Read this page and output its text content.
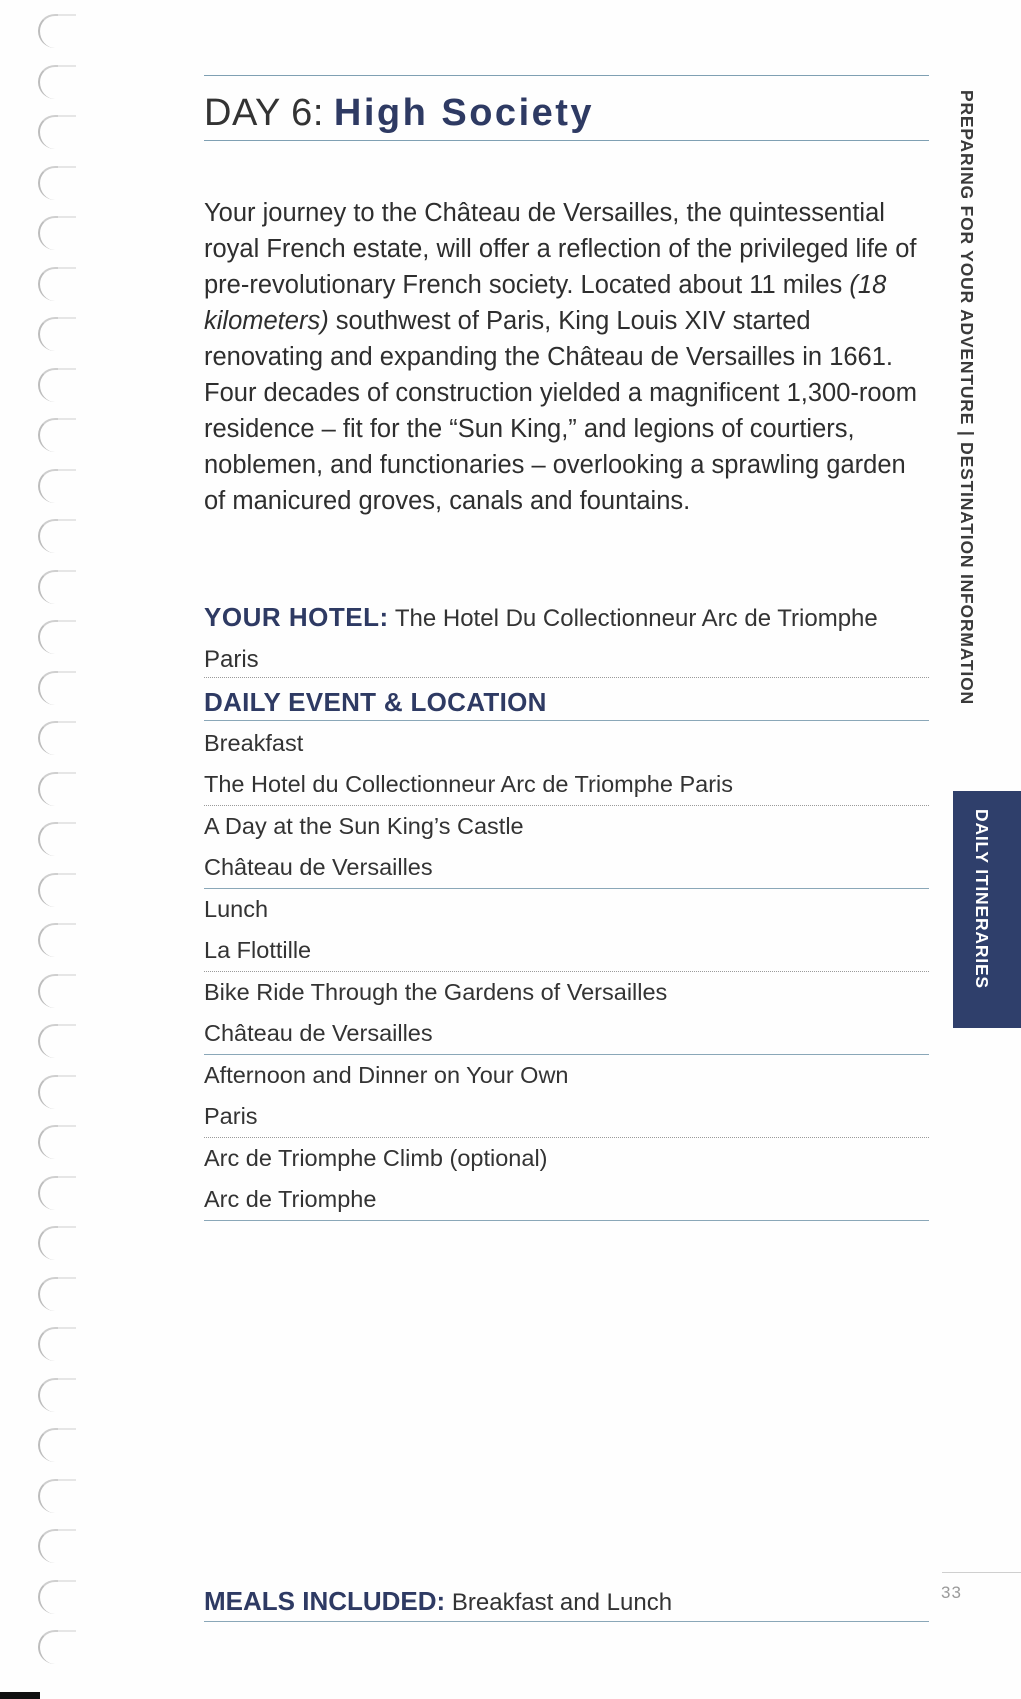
DAY 6: High Society
Your journey to the Château de Versailles, the quintessential royal French estate, will offer a reflection of the privileged life of pre-revolutionary French society. Located about 11 miles (18 kilometers) southwest of Paris, King Louis XIV started renovating and expanding the Château de Versailles in 1661. Four decades of construction yielded a magnificent 1,300-room residence – fit for the “Sun King,” and legions of courtiers, noblemen, and functionaries – overlooking a sprawling garden of manicured groves, canals and fountains.
YOUR HOTEL: The Hotel Du Collectionneur Arc de Triomphe Paris
DAILY EVENT & LOCATION
Breakfast
The Hotel du Collectionneur Arc de Triomphe Paris
A Day at the Sun King’s Castle
Château de Versailles
Lunch
La Flottille
Bike Ride Through the Gardens of Versailles
Château de Versailles
Afternoon and Dinner on Your Own
Paris
Arc de Triomphe Climb (optional)
Arc de Triomphe
MEALS INCLUDED: Breakfast and Lunch
PREPARING FOR YOUR ADVENTURE | DESTINATION INFORMATION
DAILY ITINERARIES
33
